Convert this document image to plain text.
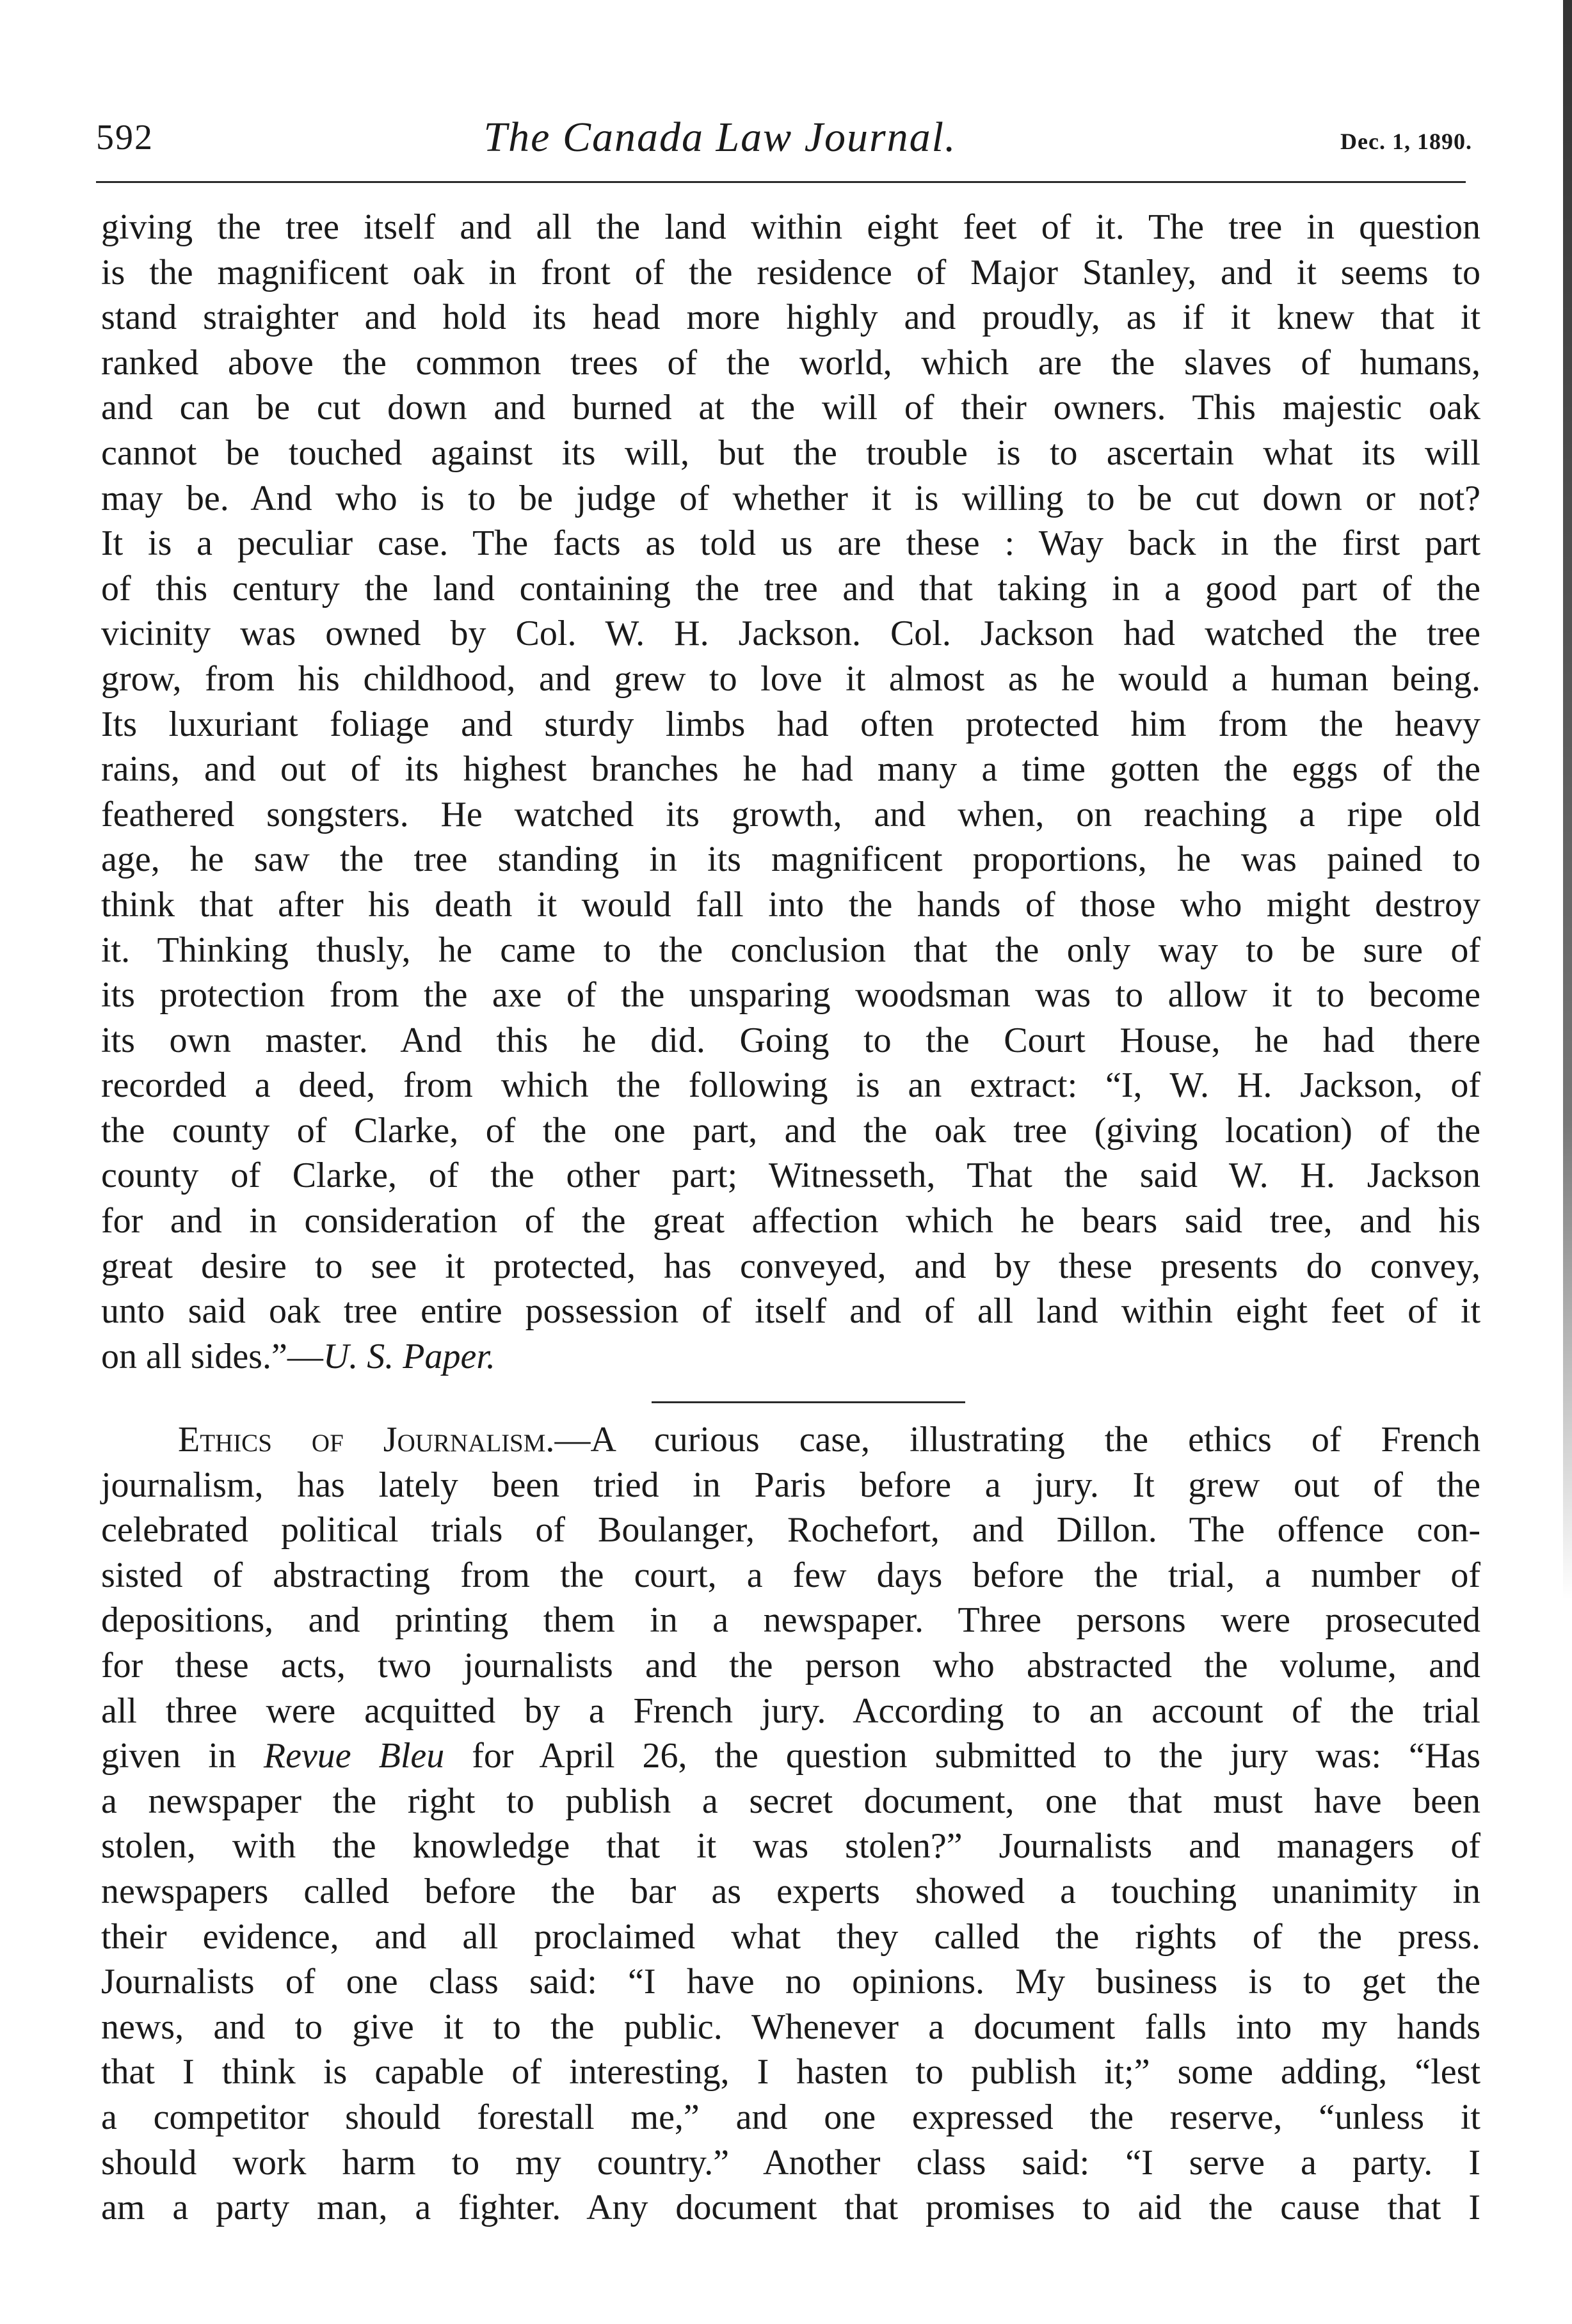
592	The Canada Law Journal.	Dec. 1, 1890.
giving the tree itself and all the land within eight feet of it. The tree in question
is the magnificent oak in front of the residence of Major Stanley, and it seems to
stand straighter and hold its head more highly and proudly, as if it knew that it
ranked above the common trees of the world, which are the slaves of humans,
and can be cut down and burned at the will of their owners. This majestic oak
cannot be touched against its will, but the trouble is to ascertain what its will
may be. And who is to be judge of whether it is willing to be cut down or not?
It is a peculiar case. The facts as told us are these : Way back in the first part
of this century the land containing the tree and that taking in a good part of the
vicinity was owned by Col. W. H. Jackson. Col. Jackson had watched the tree
grow, from his childhood, and grew to love it almost as he would a human being.
Its luxuriant foliage and sturdy limbs had often protected him from the heavy
rains, and out of its highest branches he had many a time gotten the eggs of the
feathered songsters. He watched its growth, and when, on reaching a ripe old
age, he saw the tree standing in its magnificent proportions, he was pained to
think that after his death it would fall into the hands of those who might destroy
it. Thinking thusly, he came to the conclusion that the only way to be sure of
its protection from the axe of the unsparing woodsman was to allow it to become
its own master. And this he did. Going to the Court House, he had there
recorded a deed, from which the following is an extract: “I, W. H. Jackson, of
the county of Clarke, of the one part, and the oak tree (giving location) of the
county of Clarke, of the other part; Witnesseth, That the said W. H. Jackson
for and in consideration of the great affection which he bears said tree, and his
great desire to see it protected, has conveyed, and by these presents do convey,
unto said oak tree entire possession of itself and of all land within eight feet of it
on all sides.”—U. S. Paper.
Ethics of Journalism.—A curious case, illustrating the ethics of French
journalism, has lately been tried in Paris before a jury. It grew out of the
celebrated political trials of Boulanger, Rochefort, and Dillon. The offence con-
sisted of abstracting from the court, a few days before the trial, a number of
depositions, and printing them in a newspaper. Three persons were prosecuted
for these acts, two journalists and the person who abstracted the volume, and
all three were acquitted by a French jury. According to an account of the trial
given in Revue Bleu for April 26, the question submitted to the jury was: “Has
a newspaper the right to publish a secret document, one that must have been
stolen, with the knowledge that it was stolen?” Journalists and managers of
newspapers called before the bar as experts showed a touching unanimity in
their evidence, and all proclaimed what they called the rights of the press.
Journalists of one class said: “I have no opinions. My business is to get the
news, and to give it to the public. Whenever a document falls into my hands
that I think is capable of interesting, I hasten to publish it;” some adding, “lest
a competitor should forestall me,” and one expressed the reserve, “unless it
should work harm to my country.” Another class said: “I serve a party. I
am a party man, a fighter. Any document that promises to aid the cause that I
